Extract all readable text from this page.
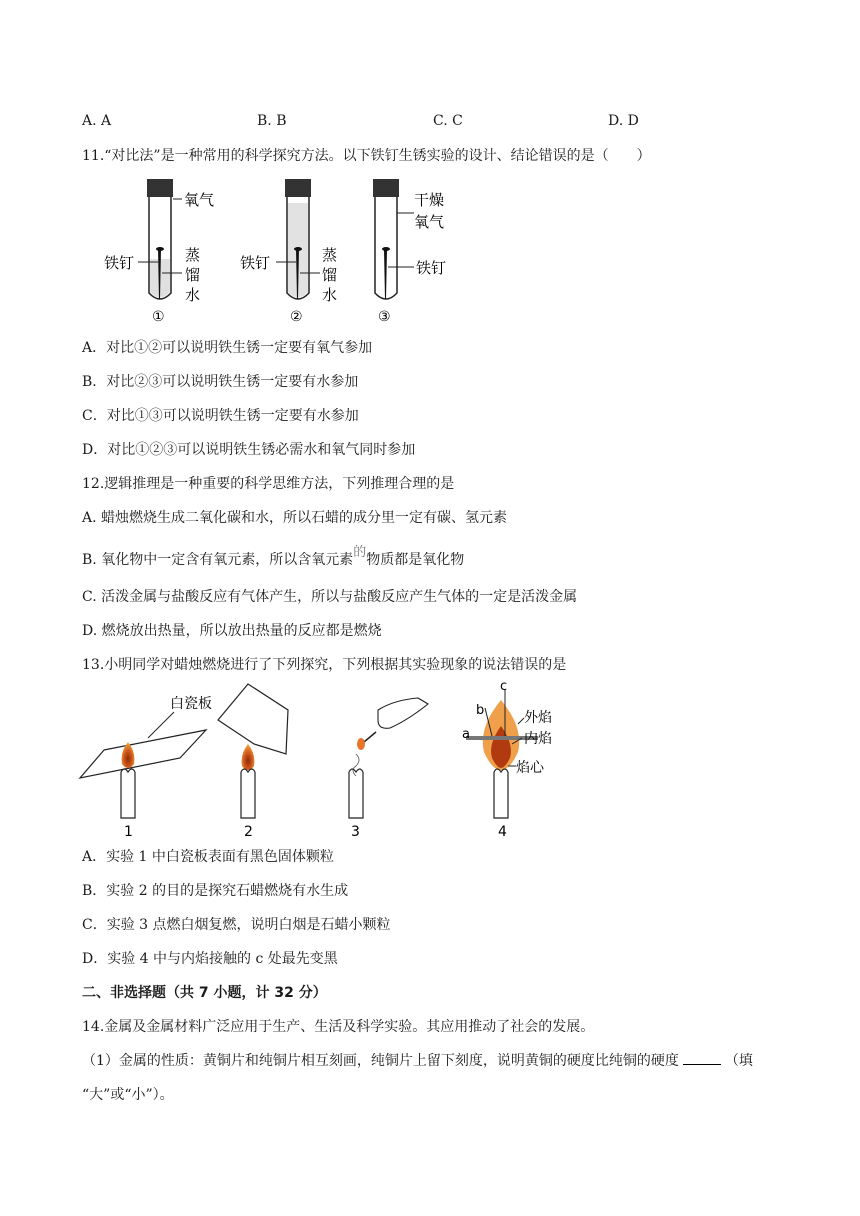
A. A	B. B	C. C	D. D
11.“对比法”是一种常用的科学探究方法。以下铁钉生锈实验的设计、结论错误的是（　　）
氧气
铁钉	蒸
馏
水
①
铁钉	蒸
馏
水
②
干燥
氧气
铁钉
③
A．对比①②可以说明铁生锈一定要有氧气参加
B．对比②③可以说明铁生锈一定要有水参加
C．对比①③可以说明铁生锈一定要有水参加
D．对比①②③可以说明铁生锈必需水和氧气同时参加
12.逻辑推理是一种重要的科学思维方法，下列推理合理的是
A. 蜡烛燃烧生成二氧化碳和水，所以石蜡的成分里一定有碳、氢元素
B. 氧化物中一定含有氧元素，所以含氧元素的物质都是氧化物
C. 活泼金属与盐酸反应有气体产生，所以与盐酸反应产生气体的一定是活泼金属
D. 燃烧放出热量，所以放出热量的反应都是燃烧
13.小明同学对蜡烛燃烧进行了下列探究，下列根据其实验现象的说法错误的是
白瓷板
1	2	3
c
b
a
外焰
内焰
焰心
4
A．实验 1 中白瓷板表面有黑色固体颗粒
B．实验 2 的目的是探究石蜡燃烧有水生成
C．实验 3 点燃白烟复燃，说明白烟是石蜡小颗粒
D．实验 4 中与内焰接触的 c 处最先变黑
二、非选择题（共 7 小题，计 32 分）
14.金属及金属材料广泛应用于生产、生活及科学实验。其应用推动了社会的发展。
（1）金属的性质：黄铜片和纯铜片相互刻画，纯铜片上留下刻度，说明黄铜的硬度比纯铜的硬度	（填
“大”或“小”）。
